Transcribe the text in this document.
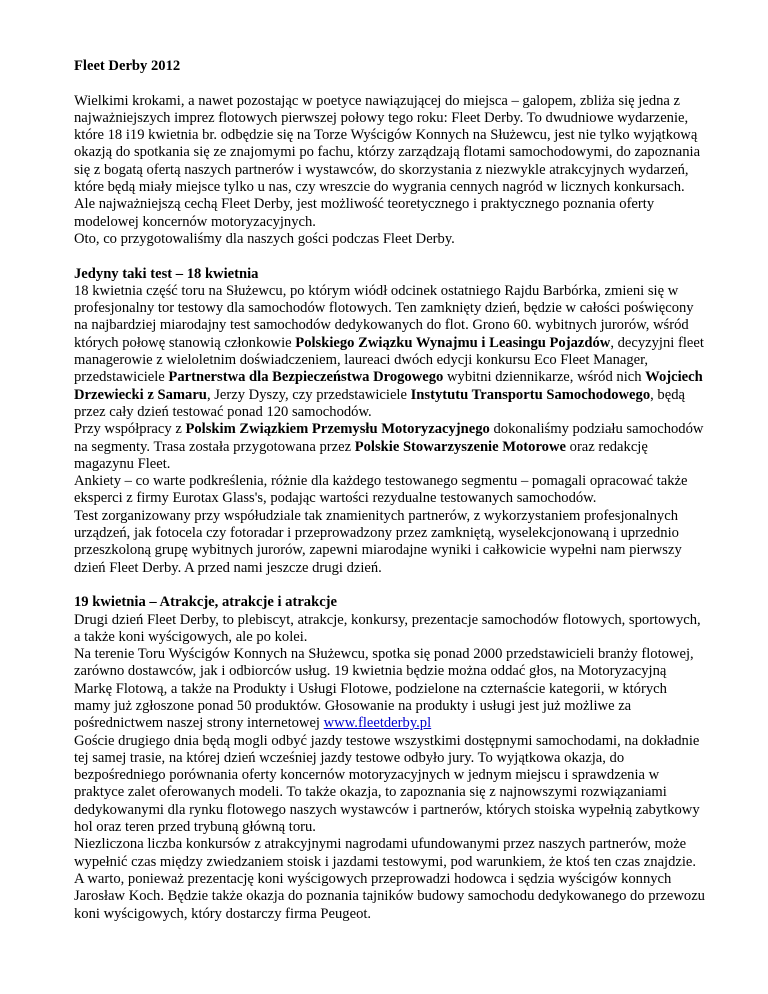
Fleet Derby 2012

Wielkimi krokami, a nawet pozostając w poetyce nawiązującej do miejsca – galopem, zbliża się jedna z najważniejszych imprez flotowych pierwszej połowy tego roku: Fleet Derby. To dwudniowe wydarzenie, które 18 i19 kwietnia br. odbędzie się na Torze Wyścigów Konnych na Służewcu, jest nie tylko wyjątkową okazją do spotkania się ze znajomymi po fachu, którzy zarządzają flotami samochodowymi, do zapoznania się z bogatą ofertą naszych partnerów i wystawców, do skorzystania z niezwykle atrakcyjnych wydarzeń, które będą miały miejsce tylko u nas, czy wreszcie do wygrania cennych nagród w licznych konkursach. Ale najważniejszą cechą Fleet Derby, jest możliwość teoretycznego i praktycznego poznania oferty modelowej koncernów motoryzacyjnych.

Oto, co przygotowaliśmy dla naszych gości podczas Fleet Derby.

Jedyny taki test – 18 kwietnia

18 kwietnia część toru na Służewcu, po którym wiódł odcinek ostatniego Rajdu Barbórka, zmieni się w profesjonalny tor testowy dla samochodów flotowych. Ten zamknięty dzień, będzie w całości poświęcony na najbardziej miarodajny test samochodów dedykowanych do flot. Grono 60. wybitnych jurorów, wśród których połowę stanowią członkowie Polskiego Związku Wynajmu i Leasingu Pojazdów, decyzyjni fleet managerowie z wieloletnim doświadczeniem, laureaci dwóch edycji konkursu Eco Fleet Manager, przedstawiciele Partnerstwa dla Bezpieczeństwa Drogowego wybitni dziennikarze, wśród nich Wojciech Drzewiecki z Samaru, Jerzy Dyszy, czy przedstawiciele Instytutu Transportu Samochodowego, będą przez cały dzień testować ponad 120 samochodów.

Przy współpracy z Polskim Związkiem Przemysłu Motoryzacyjnego dokonaliśmy podziału samochodów na segmenty. Trasa została przygotowana przez Polskie Stowarzyszenie Motorowe oraz redakcję magazynu Fleet.

Ankiety – co warte podkreślenia, różnie dla każdego testowanego segmentu – pomagali opracować także eksperci z firmy Eurotax Glass's, podając wartości rezydualne testowanych samochodów.

Test zorganizowany przy współudziale tak znamienitych partnerów, z wykorzystaniem profesjonalnych urządzeń, jak fotocela czy fotoradar i przeprowadzony przez zamkniętą, wyselekcjonowaną i uprzednio przeszkoloną grupę wybitnych jurorów, zapewni miarodajne wyniki i całkowicie wypełni nam pierwszy dzień Fleet Derby. A przed nami jeszcze drugi dzień.

19 kwietnia – Atrakcje, atrakcje i atrakcje

Drugi dzień Fleet Derby, to plebiscyt, atrakcje, konkursy, prezentacje samochodów flotowych, sportowych, a także koni wyścigowych, ale po kolei.

Na terenie Toru Wyścigów Konnych na Służewcu, spotka się ponad 2000 przedstawicieli branży flotowej, zarówno dostawców, jak i odbiorców usług. 19 kwietnia będzie można oddać głos, na Motoryzacyjną Markę Flotową, a także na Produkty i Usługi Flotowe, podzielone na czternaście kategorii, w których mamy już zgłoszone ponad 50 produktów. Głosowanie na produkty i usługi jest już możliwe za pośrednictwem naszej strony internetowej www.fleetderby.pl

Goście drugiego dnia będą mogli odbyć jazdy testowe wszystkimi dostępnymi samochodami, na dokładnie tej samej trasie, na której dzień wcześniej jazdy testowe odbyło jury. To wyjątkowa okazja, do bezpośredniego porównania oferty koncernów motoryzacyjnych w jednym miejscu i sprawdzenia w praktyce zalet oferowanych modeli. To także okazja, to zapoznania się z najnowszymi rozwiązaniami dedykowanymi dla rynku flotowego naszych wystawców i partnerów, których stoiska wypełnią zabytkowy hol oraz teren przed trybuną główną toru.

Niezliczona liczba konkursów z atrakcyjnymi nagrodami ufundowanymi przez naszych partnerów, może wypełnić czas między zwiedzaniem stoisk i jazdami testowymi, pod warunkiem, że ktoś ten czas znajdzie. A warto, ponieważ prezentację koni wyścigowych przeprowadzi hodowca i sędzia wyścigów konnych Jarosław Koch. Będzie także okazja do poznania tajników budowy samochodu dedykowanego do przewozu koni wyścigowych, który dostarczy firma Peugeot.
